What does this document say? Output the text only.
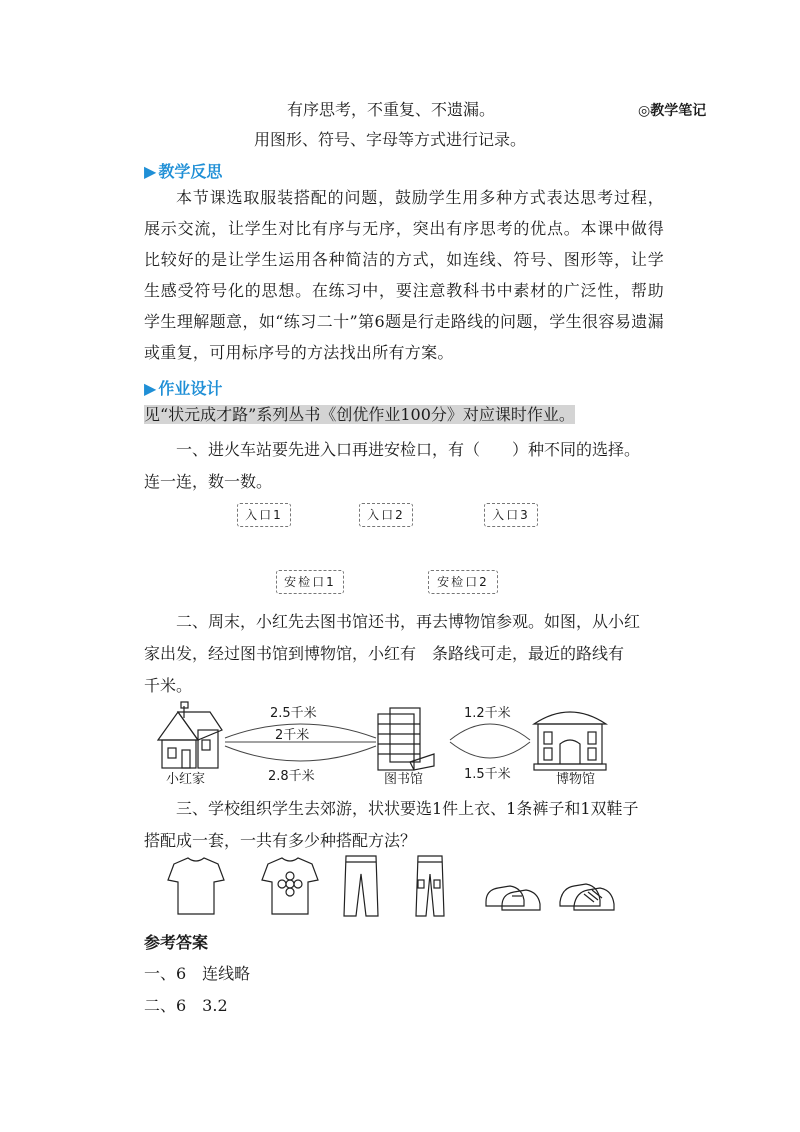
有序思考，不重复、不遗漏。	◎教学笔记
用图形、符号、字母等方式进行记录。
▶ 教学反思
本节课选取服装搭配的问题，鼓励学生用多种方式表达思考过程，展示交流，让学生对比有序与无序，突出有序思考的优点。本课中做得比较好的是让学生运用各种简洁的方式，如连线、符号、图形等，让学生感受符号化的思想。在练习中，要注意教科书中素材的广泛性，帮助学生理解题意，如“练习二十”第6题是行走路线的问题，学生很容易遗漏或重复，可用标序号的方法找出所有方案。
▶ 作业设计
见“状元成才路”系列丛书《创优作业100分》对应课时作业。
一、进火车站要先进入口再进安检口，有（　　）种不同的选择。
连一连，数一数。
入口1	入口2	入口3
安检口1	安检口2
二、周末，小红先去图书馆还书，再去博物馆参观。如图，从小红
家出发，经过图书馆到博物馆，小红有　条路线可走，最近的路线有
千米。
2.5千米
2千米
2.8千米
1.2千米
1.5千米
小红家	图书馆	博物馆
三、学校组织学生去郊游，状状要选1件上衣、1条裤子和1双鞋子
搭配成一套，一共有多少种搭配方法？
参考答案
一、6　连线略
二、6　3.2
